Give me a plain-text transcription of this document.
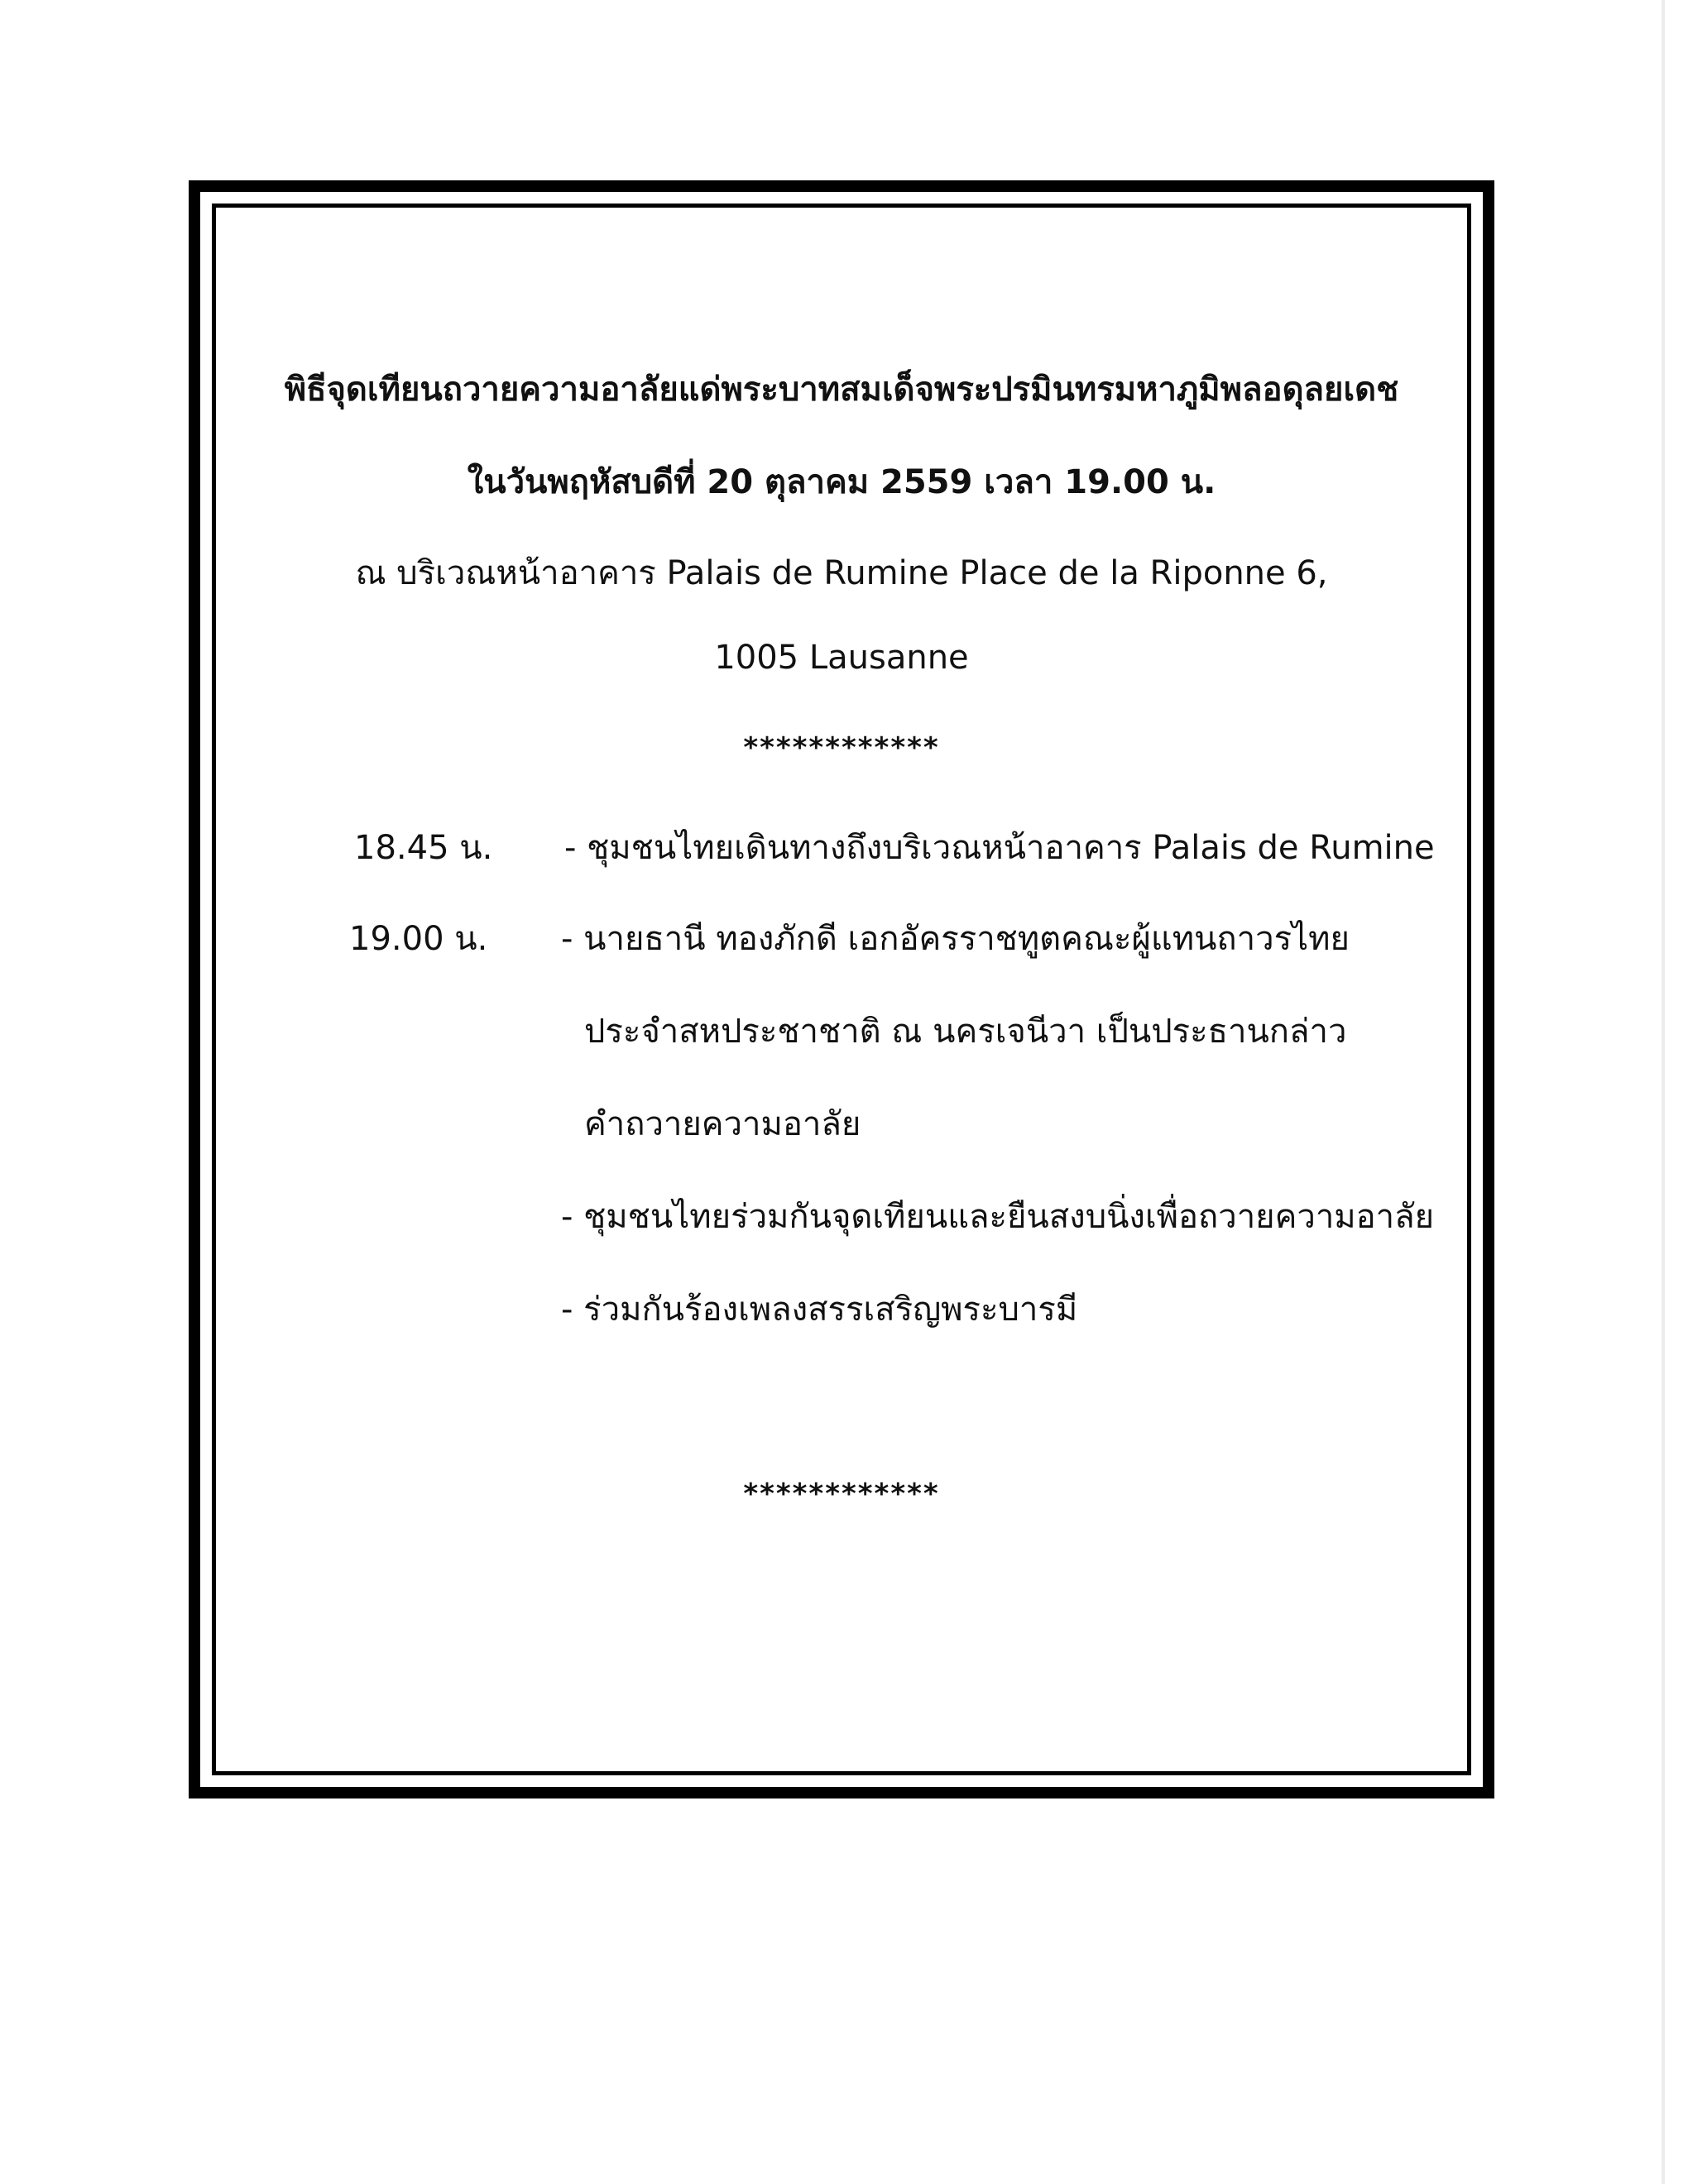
พิธีจุดเทียนถวายความอาลัยแด่พระบาทสมเด็จพระปรมินทรมหาภูมิพลอดุลยเดช
ในวันพฤหัสบดีที่ 20 ตุลาคม 2559 เวลา 19.00 น.
ณ บริเวณหน้าอาคาร Palais de Rumine Place de la Riponne 6,
1005 Lausanne
************
18.45 น. - ชุมชนไทยเดินทางถึงบริเวณหน้าอาคาร Palais de Rumine
19.00 น. - นายธานี ทองภักดี เอกอัครราชทูตคณะผู้แทนถาวรไทย
ประจำสหประชาชาติ ณ นครเจนีวา เป็นประธานกล่าว
คำถวายความอาลัย
- ชุมชนไทยร่วมกันจุดเทียนและยืนสงบนิ่งเพื่อถวายความอาลัย
- ร่วมกันร้องเพลงสรรเสริญพระบารมี
************
